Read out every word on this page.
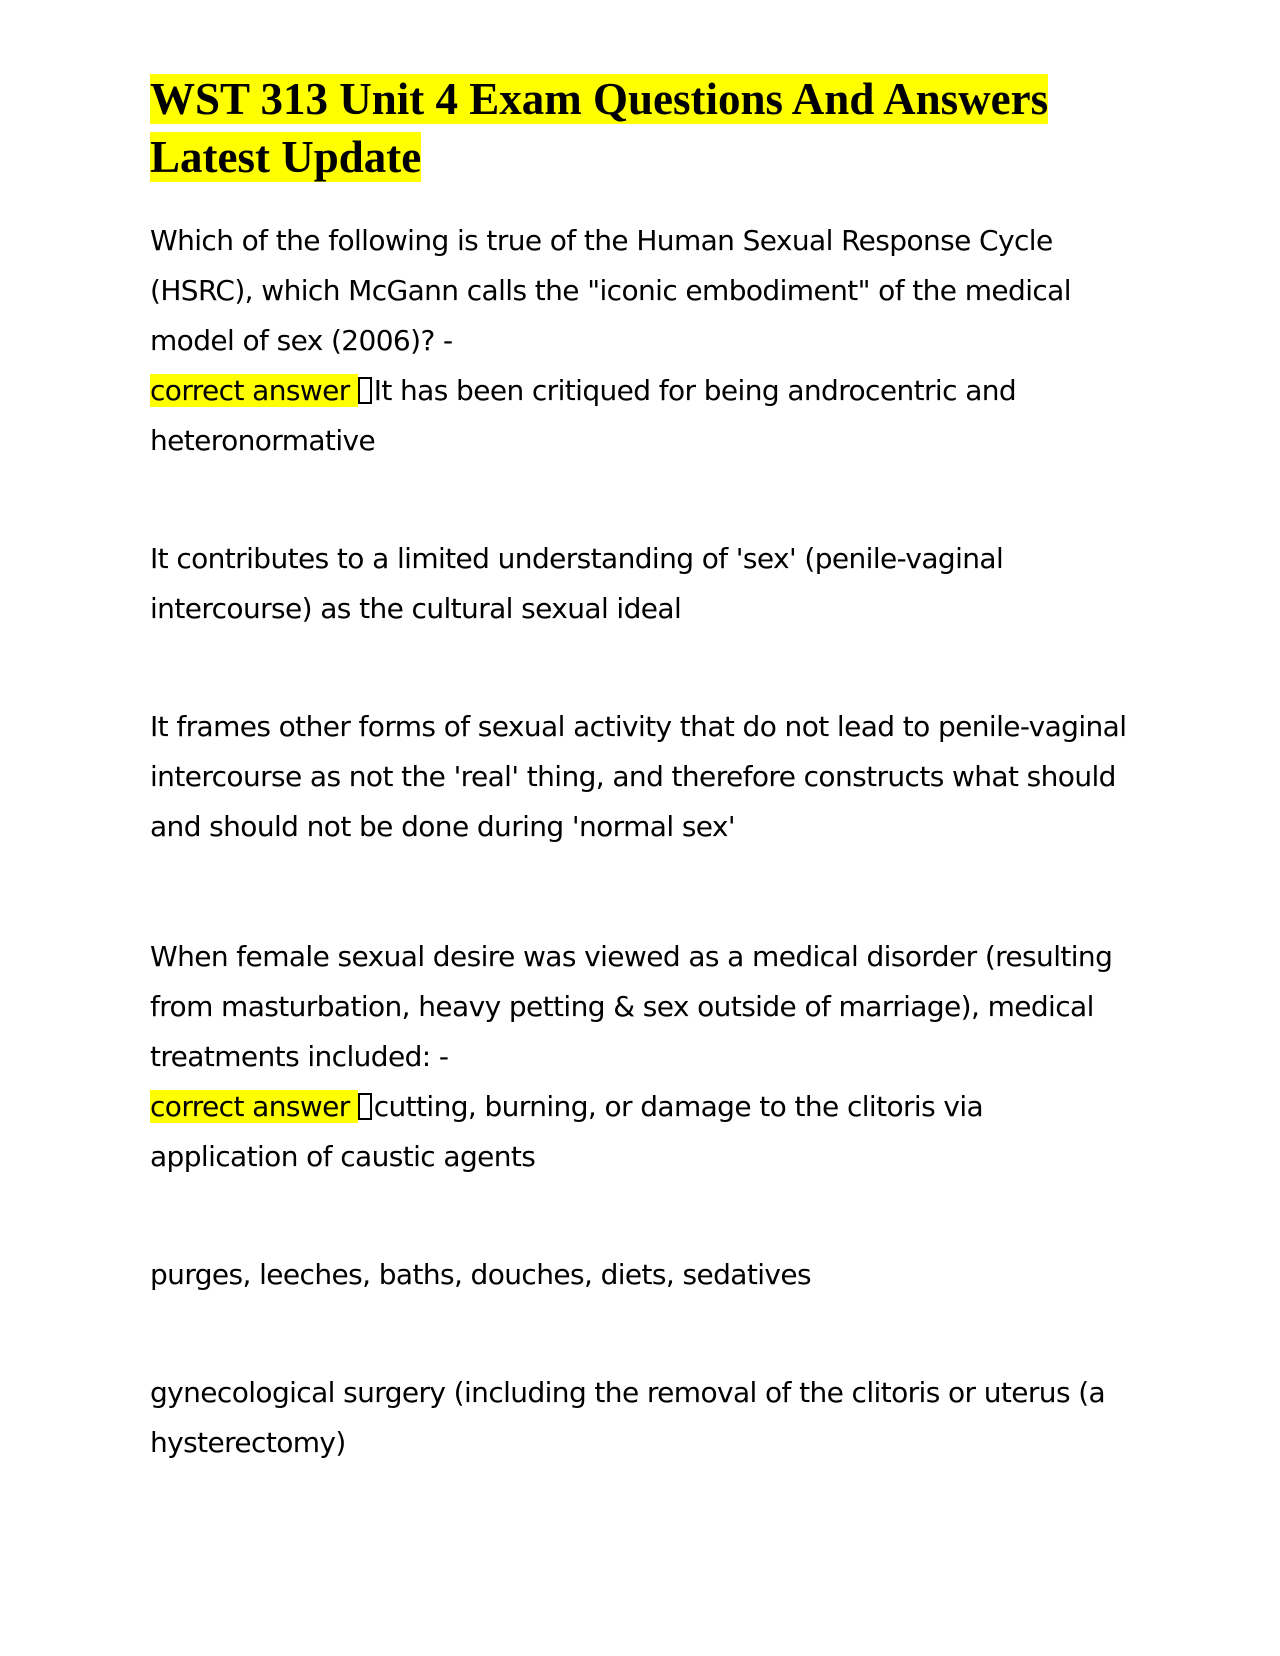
WST 313 Unit 4 Exam Questions And Answers Latest Update

Which of the following is true of the Human Sexual Response Cycle (HSRC), which McGann calls the "iconic embodiment" of the medical model of sex (2006)? -

correct answer It has been critiqued for being androcentric and heteronormative

It contributes to a limited understanding of 'sex' (penile-vaginal intercourse) as the cultural sexual ideal

It frames other forms of sexual activity that do not lead to penile-vaginal intercourse as not the 'real' thing, and therefore constructs what should and should not be done during 'normal sex'

When female sexual desire was viewed as a medical disorder (resulting from masturbation, heavy petting & sex outside of marriage), medical treatments included: -

correct answer cutting, burning, or damage to the clitoris via application of caustic agents

purges, leeches, baths, douches, diets, sedatives

gynecological surgery (including the removal of the clitoris or uterus (a hysterectomy)
